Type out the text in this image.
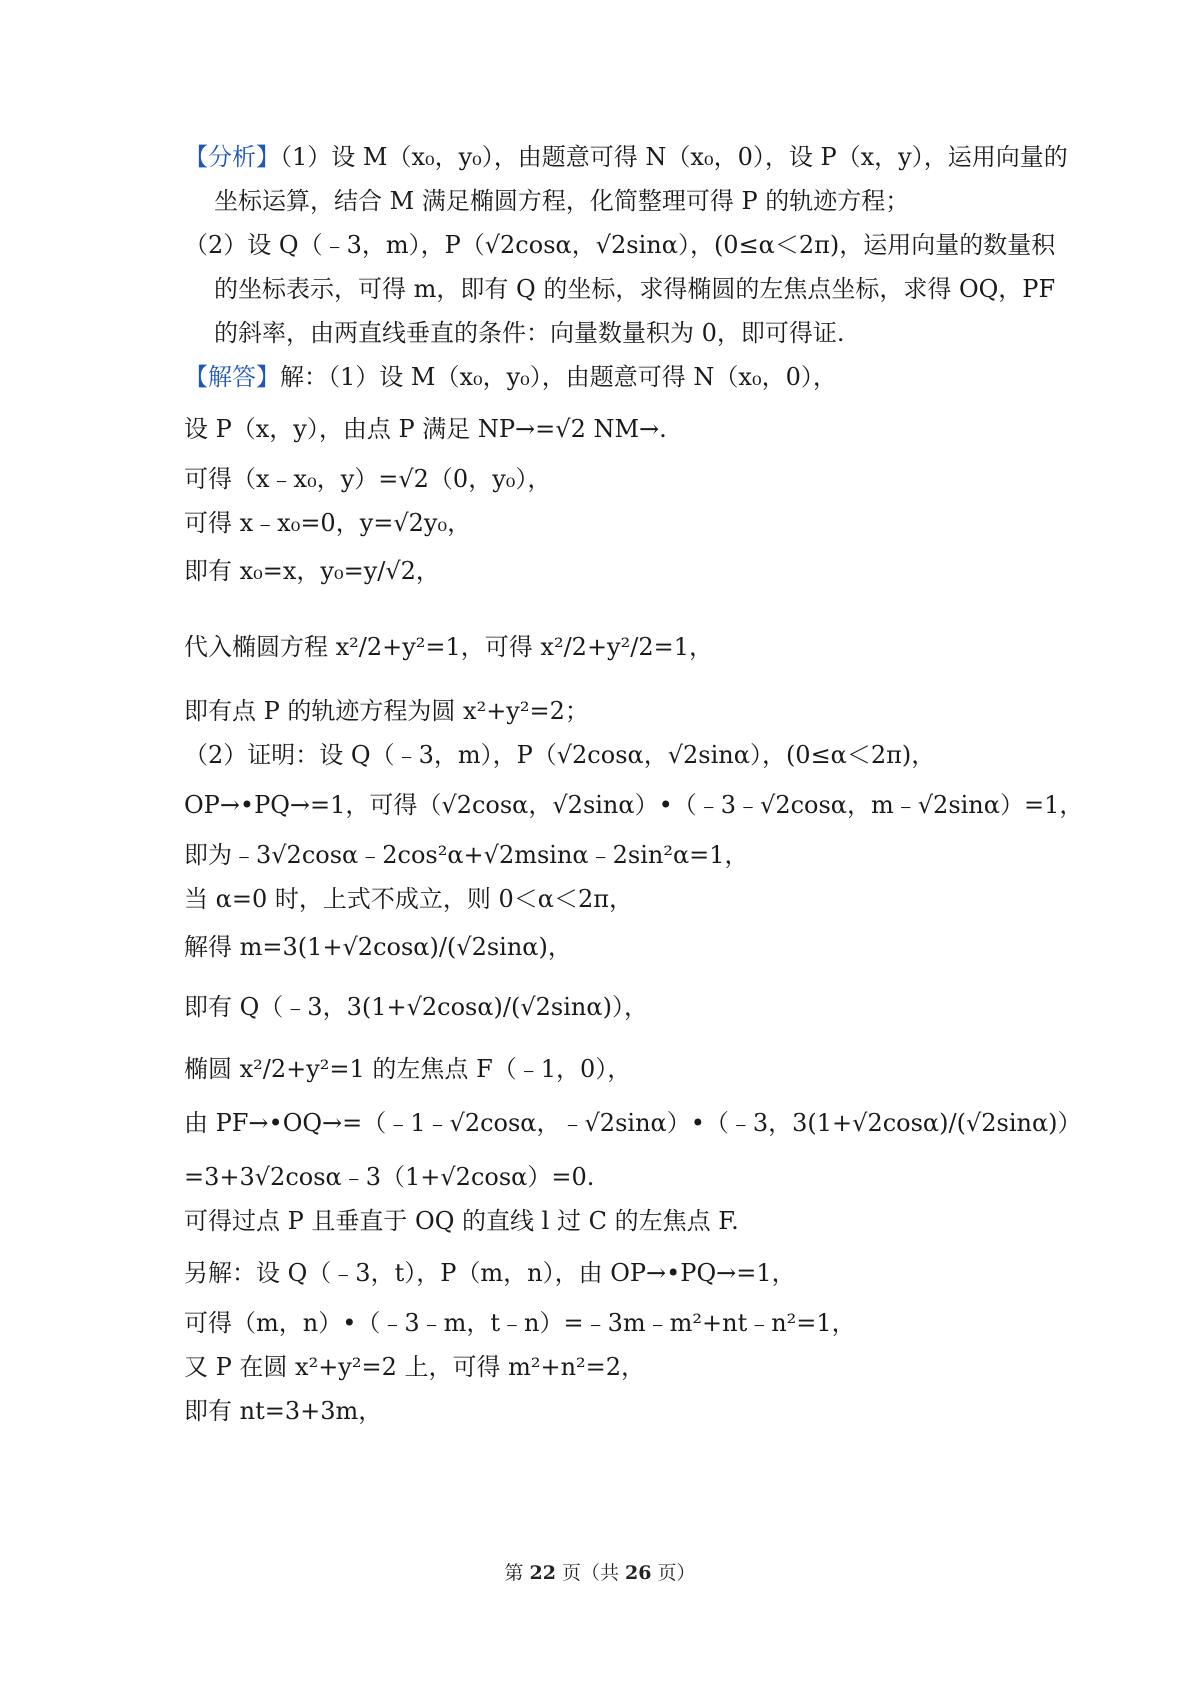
【分析】（1）设 M（x₀，y₀），由题意可得 N（x₀，0），设 P（x，y），运用向量的
坐标运算，结合 M 满足椭圆方程，化简整理可得 P 的轨迹方程；
（2）设 Q（﹣3，m），P（√2cosα，√2sinα），(0≤α＜2π)，运用向量的数量积
的坐标表示，可得 m，即有 Q 的坐标，求得椭圆的左焦点坐标，求得 OQ，PF
的斜率，由两直线垂直的条件：向量数量积为 0，即可得证.
【解答】解：（1）设 M（x₀，y₀），由题意可得 N（x₀，0），
设 P（x，y），由点 P 满足 NP→=√2 NM→.
可得（x﹣x₀，y）=√2（0，y₀），
可得 x﹣x₀=0，y=√2y₀，
即有 x₀=x，y₀=y/√2，
代入椭圆方程 x²/2+y²=1，可得 x²/2+y²/2=1，
即有点 P 的轨迹方程为圆 x²+y²=2；
（2）证明：设 Q（﹣3，m），P（√2cosα，√2sinα），(0≤α＜2π)，
OP→•PQ→=1，可得（√2cosα，√2sinα）•（﹣3﹣√2cosα，m﹣√2sinα）=1，
即为﹣3√2cosα﹣2cos²α+√2msinα﹣2sin²α=1，
当 α=0 时，上式不成立，则 0＜α＜2π，
解得 m=3(1+√2cosα)/(√2sinα)，
即有 Q（﹣3，3(1+√2cosα)/(√2sinα)），
椭圆 x²/2+y²=1 的左焦点 F（﹣1，0），
由 PF→•OQ→=（﹣1﹣√2cosα，﹣√2sinα）•（﹣3，3(1+√2cosα)/(√2sinα)）
=3+3√2cosα﹣3（1+√2cosα）=0.
可得过点 P 且垂直于 OQ 的直线 l 过 C 的左焦点 F.
另解：设 Q（﹣3，t），P（m，n），由 OP→•PQ→=1，
可得（m，n）•（﹣3﹣m，t﹣n）=﹣3m﹣m²+nt﹣n²=1，
又 P 在圆 x²+y²=2 上，可得 m²+n²=2，
即有 nt=3+3m，
第 22 页（共 26 页）
